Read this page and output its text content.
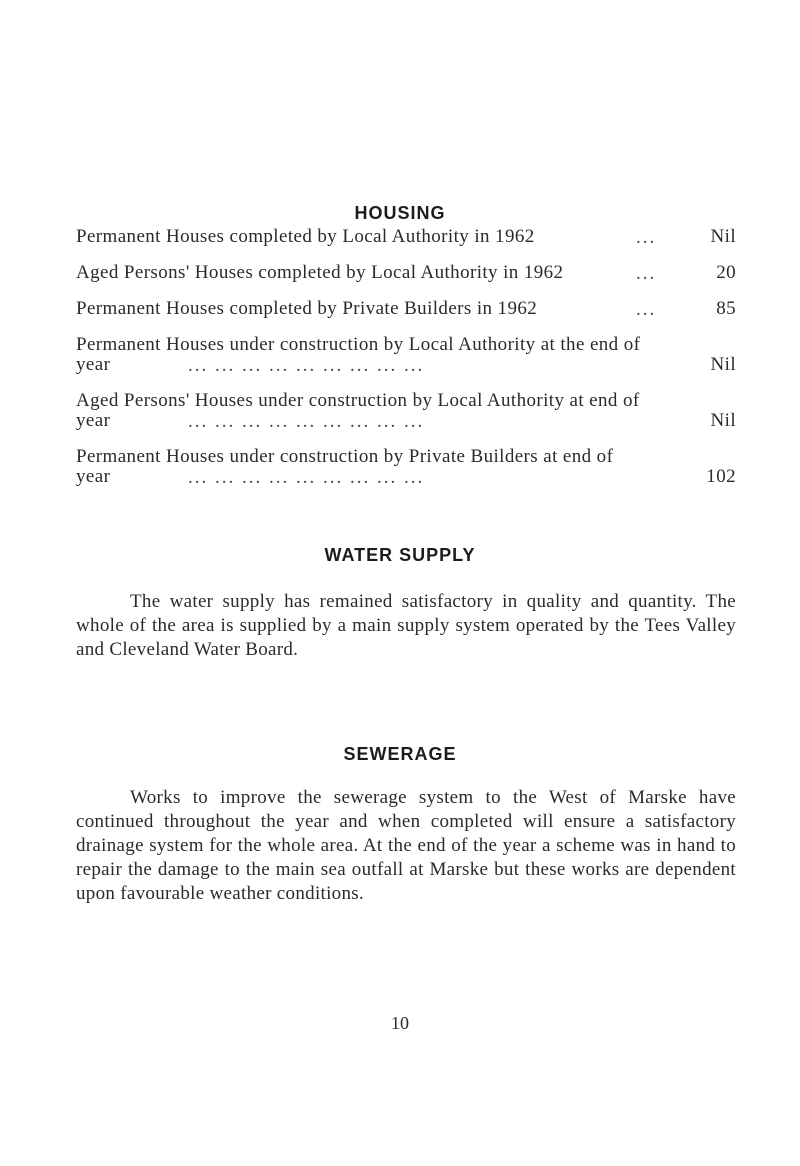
HOUSING
Permanent Houses completed by Local Authority in 1962	...	Nil
Aged Persons' Houses completed by Local Authority in 1962	...	20
Permanent Houses completed by Private Builders in 1962	...	85
Permanent Houses under construction by Local Authority at the end of
year	... ... ... ... ... ... ... ... ...	Nil
Aged Persons' Houses under construction by Local Authority at end of
year	... ... ... ... ... ... ... ... ...	Nil
Permanent Houses under construction by Private Builders at end of
year	... ... ... ... ... ... ... ... ...	102
WATER SUPPLY

The water supply has remained satisfactory in quality and quantity. The whole of the area is supplied by a main supply system operated by the Tees Valley and Cleveland Water Board.

SEWERAGE

Works to improve the sewerage system to the West of Marske have continued throughout the year and when completed will ensure a satisfactory drainage system for the whole area. At the end of the year a scheme was in hand to repair the damage to the main sea outfall at Marske but these works are dependent upon favourable weather conditions.

10
